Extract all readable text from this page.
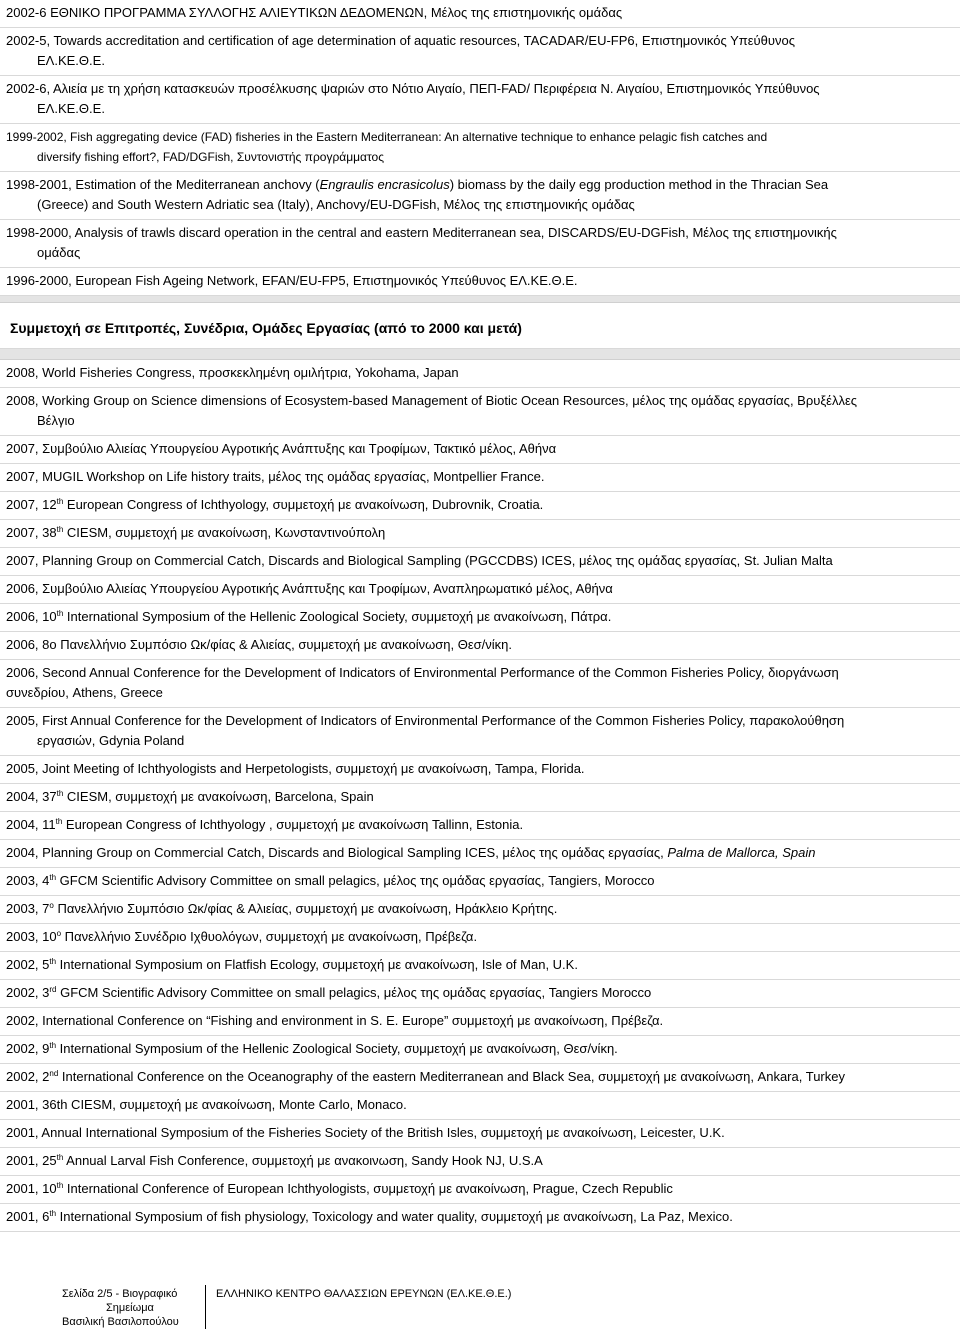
2002-6 ΕΘΝΙΚΟ ΠΡΟΓΡΑΜΜΑ ΣΥΛΛΟΓΗΣ ΑΛΙΕΥΤΙΚΩΝ ΔΕΔΟΜΕΝΩΝ, Μέλος της επιστημονικής ομάδας
2002-5, Towards accreditation and certification of age determination of aquatic resources, TACADAR/EU-FP6, Επιστημονικός Υπεύθυνος
ΕΛ.ΚΕ.Θ.Ε.
2002-6, Αλιεία με τη χρήση κατασκευών προσέλκυσης ψαριών στο Νότιο Αιγαίο, ΠΕΠ-FAD/ Περιφέρεια Ν. Αιγαίου, Επιστημονικός Υπεύθυνος
ΕΛ.ΚΕ.Θ.Ε.
1999-2002, Fish aggregating device (FAD) fisheries in the Eastern Mediterranean: An alternative technique to enhance pelagic fish catches and
diversify fishing effort?, FAD/DGFish, Συντονιστής προγράμματος
1998-2001, Estimation of the Mediterranean anchovy (Engraulis encrasicolus) biomass by the daily egg production method in the Thracian Sea
(Greece) and South Western Adriatic sea (Italy), Anchovy/EU-DGFish, Μέλος της επιστημονικής ομάδας
1998-2000, Analysis of trawls discard operation in the central and eastern Mediterranean sea, DISCARDS/EU-DGFish, Μέλος της επιστημονικής
ομάδας
1996-2000, European Fish Ageing Network, EFAN/EU-FP5, Επιστημονικός Υπεύθυνος ΕΛ.ΚΕ.Θ.Ε.
Συμμετοχή σε Επιτροπές, Συνέδρια, Ομάδες Εργασίας (από το 2000 και μετά)
2008, World Fisheries Congress, προσκεκλημένη ομιλήτρια, Yokohama, Japan
2008, Working Group on Science dimensions of Ecosystem-based Management of Biotic Ocean Resources, μέλος της ομάδας εργασίας, Βρυξέλλες
Βέλγιο
2007, Συμβούλιο Αλιείας Υπουργείου Αγροτικής Ανάπτυξης και Τροφίμων, Τακτικό μέλος, Αθήνα
2007, MUGIL Workshop on Life history traits, μέλος της ομάδας εργασίας, Montpellier France.
2007, 12th European Congress of Ichthyology, συμμετοχή με ανακοίνωση, Dubrovnik, Croatia.
2007, 38th CIESM, συμμετοχή με ανακοίνωση, Κωνσταντινούπολη
2007, Planning Group on Commercial Catch, Discards and Biological Sampling (PGCCDBS) ICES, μέλος της ομάδας εργασίας, St. Julian Malta
2006, Συμβούλιο Αλιείας Υπουργείου Αγροτικής Ανάπτυξης και Τροφίμων, Αναπληρωματικό μέλος, Αθήνα
2006, 10th International Symposium of the Hellenic Zoological Society, συμμετοχή με ανακοίνωση, Πάτρα.
2006, 8ο Πανελλήνιο Συμπόσιο Ωκ/φίας & Αλιείας, συμμετοχή με ανακοίνωση, Θεσ/νίκη.
2006, Second Annual Conference for the Development of Indicators of Environmental Performance of the Common Fisheries Policy, διοργάνωση
συνεδρίου, Athens, Greece
2005, First Annual Conference for the Development of Indicators of Environmental Performance of the Common Fisheries Policy, παρακολούθηση
εργασιών, Gdynia Poland
2005, Joint Meeting of Ichthyologists and Herpetologists, συμμετοχή με ανακοίνωση, Tampa, Florida.
2004, 37th CIESM, συμμετοχή με ανακοίνωση, Barcelona, Spain
2004, 11th European Congress of Ichthyology , συμμετοχή με ανακοίνωση Tallinn, Estonia.
2004, Planning Group on Commercial Catch, Discards and Biological Sampling ICES, μέλος της ομάδας εργασίας, Palma de Mallorca, Spain
2003, 4th GFCM Scientific Advisory Committee on small pelagics, μέλος της ομάδας εργασίας, Tangiers, Morocco
2003, $7^o$ Πανελλήνιο Συμπόσιο Ωκ/φίας & Αλιείας, συμμετοχή με ανακοίνωση, Ηράκλειο Κρήτης.
2003, $10^o$ Πανελλήνιο Συνέδριο Ιχθυολόγων, συμμετοχή με ανακοίνωση, Πρέβεζα.
2002, 5th International Symposium on Flatfish Ecology, συμμετοχή με ανακοίνωση, Isle of Man, U.K.
2002, 3rd GFCM Scientific Advisory Committee on small pelagics, μέλος της ομάδας εργασίας, Tangiers Morocco
2002, International Conference on “Fishing and environment in S. E. Europe” συμμετοχή με ανακοίνωση, Πρέβεζα.
2002, 9th International Symposium of the Hellenic Zoological Society, συμμετοχή με ανακοίνωση, Θεσ/νίκη.
2002, 2nd International Conference on the Oceanography of the eastern Mediterranean and Black Sea, συμμετοχή με ανακοίνωση, Ankara, Turkey
2001, 36th CIESM, συμμετοχή με ανακοίνωση, Monte Carlo, Monaco.
2001, Annual International Symposium of the Fisheries Society of the British Isles, συμμετοχή με ανακοίνωση, Leicester, U.K.
2001, 25th Annual Larval Fish Conference, συμμετοχή με ανακοινωση, Sandy Hook NJ, U.S.A
2001, 10th International Conference of European Ichthyologists, συμμετοχή με ανακοίνωση, Prague, Czech Republic
2001, 6th International Symposium of fish physiology, Toxicology and water quality, συμμετοχή με ανακοίνωση, La Paz, Mexico.
Σελίδα 2/5 - Βιογραφικό
Σημείωμα
Βασιλική Βασιλοπούλου
ΕΛΛΗΝΙΚΟ ΚΕΝΤΡΟ ΘΑΛΑΣΣΙΩΝ ΕΡΕΥΝΩΝ (ΕΛ.ΚΕ.Θ.Ε.)
